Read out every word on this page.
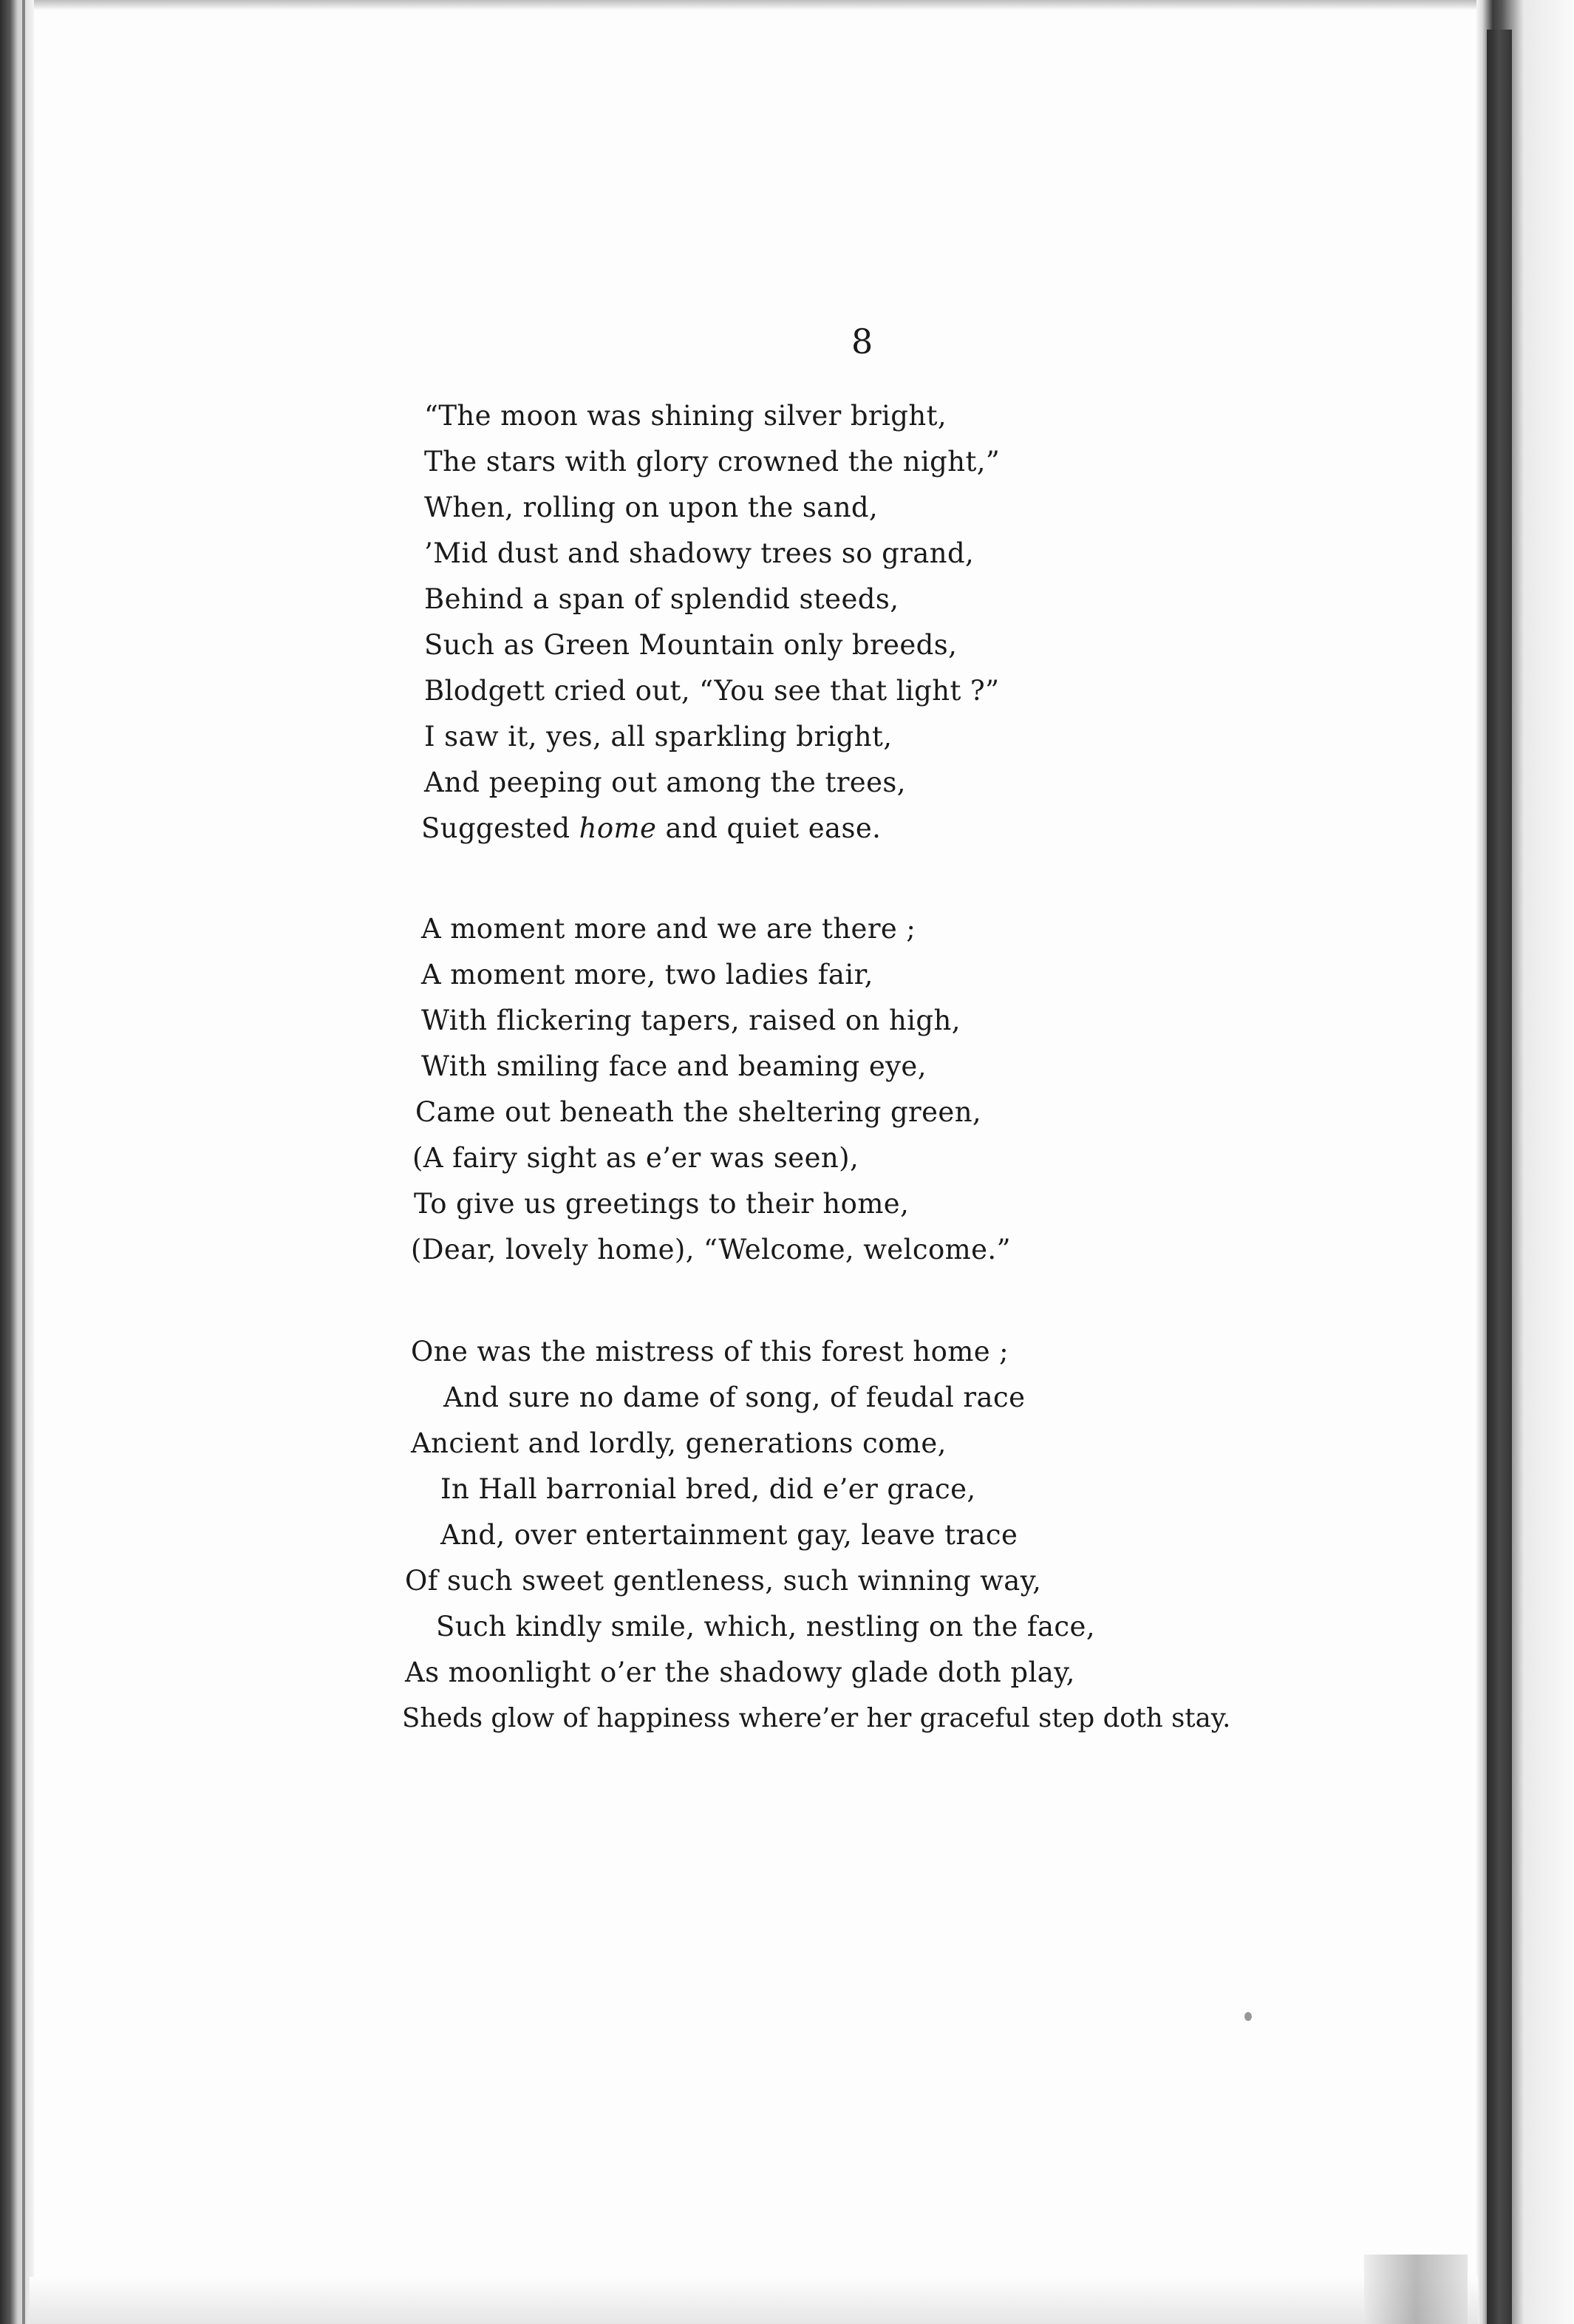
8
“The moon was shining silver bright,
The stars with glory crowned the night,”
When, rolling on upon the sand,
’Mid dust and shadowy trees so grand,
Behind a span of splendid steeds,
Such as Green Mountain only breeds,
Blodgett cried out, “You see that light ?”
I saw it, yes, all sparkling bright,
And peeping out among the trees,
Suggested home and quiet ease.
A moment more and we are there ;
A moment more, two ladies fair,
With flickering tapers, raised on high,
With smiling face and beaming eye,
Came out beneath the sheltering green,
(A fairy sight as e’er was seen),
To give us greetings to their home,
(Dear, lovely home), “Welcome, welcome.”
One was the mistress of this forest home ;
And sure no dame of song, of feudal race
Ancient and lordly, generations come,
In Hall barronial bred, did e’er grace,
And, over entertainment gay, leave trace
Of such sweet gentleness, such winning way,
Such kindly smile, which, nestling on the face,
As moonlight o’er the shadowy glade doth play,
Sheds glow of happiness where’er her graceful step doth stay.
